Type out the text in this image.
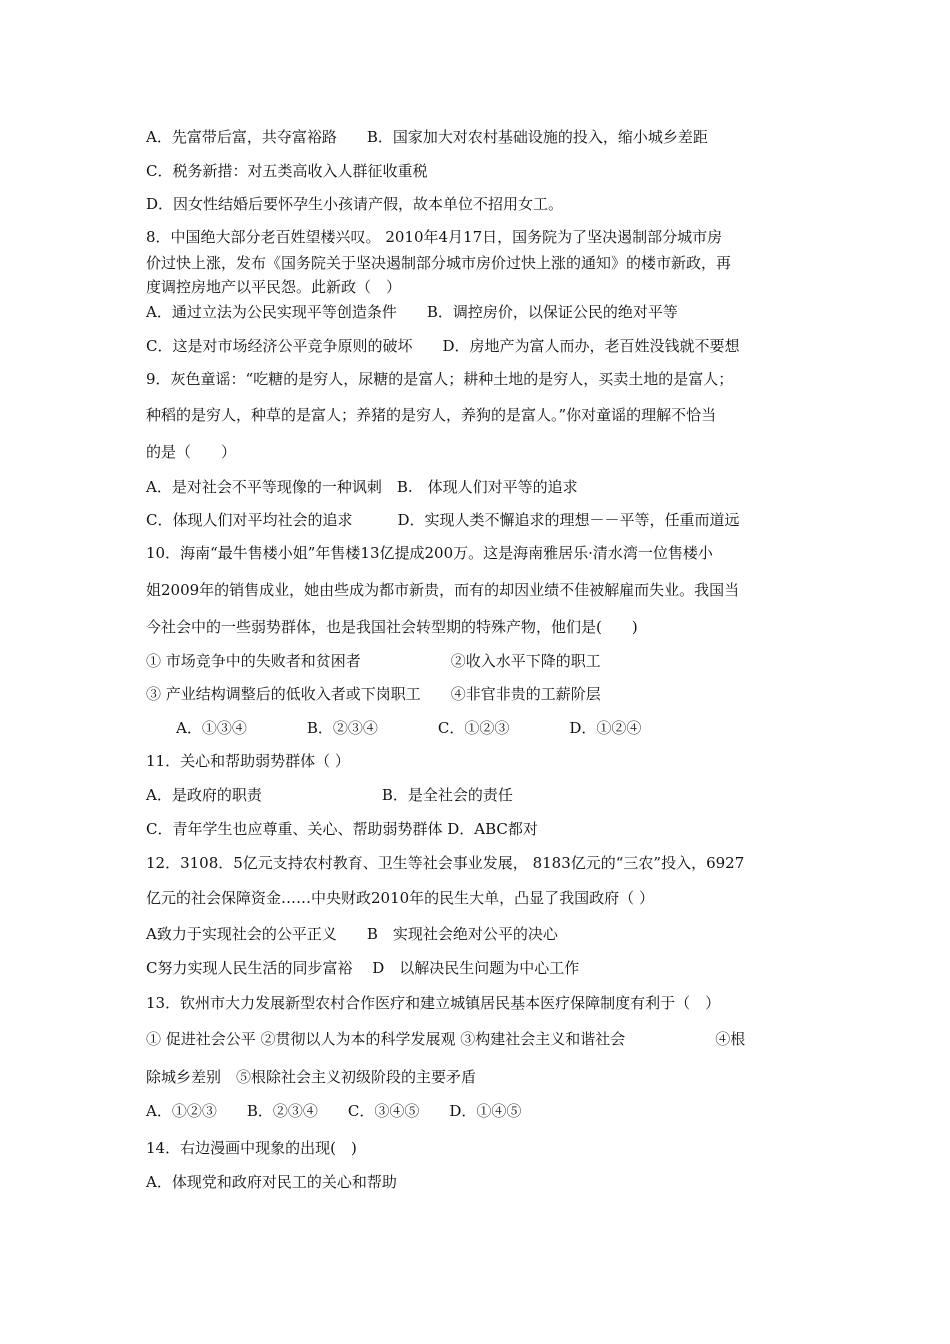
A．先富带后富，共夺富裕路　　B．国家加大对农村基础设施的投入，缩小城乡差距
C．税务新措：对五类高收入人群征收重税
D．因女性结婚后要怀孕生小孩请产假，故本单位不招用女工。
8．中国绝大部分老百姓望楼兴叹。 2010年4月17日，国务院为了坚决遏制部分城市房
价过快上涨，发布《国务院关于坚决遏制部分城市房价过快上涨的通知》的楼市新政，再
度调控房地产以平民怨。此新政（　）
A．通过立法为公民实现平等创造条件　　B．调控房价，以保证公民的绝对平等
C．这是对市场经济公平竞争原则的破坏　　D．房地产为富人而办，老百姓没钱就不要想
9．灰色童谣：“吃糖的是穷人，尿糖的是富人；耕种土地的是穷人，买卖土地的是富人；
种稻的是穷人，种草的是富人；养猪的是穷人，养狗的是富人。”你对童谣的理解不恰当
的是（　　）
A．是对社会不平等现像的一种讽刺　B.　体现人们对平等的追求
C．体现人们对平均社会的追求　　　D．实现人类不懈追求的理想－－平等，任重而道远
10．海南“最牛售楼小姐”年售楼13亿提成200万。这是海南雅居乐·清水湾一位售楼小
姐2009年的销售成业，她由些成为都市新贵，而有的却因业绩不佳被解雇而失业。我国当
今社会中的一些弱势群体，也是我国社会转型期的特殊产物，他们是(　　)
① 市场竞争中的失败者和贫困者　　　　　　②收入水平下降的职工
③ 产业结构调整后的低收入者或下岗职工　　④非官非贵的工薪阶层
　　A．①③④　　　　B．②③④　　　　C．①②③　　　　D．①②④
11．关心和帮助弱势群体（ ）
A．是政府的职责　　　　　　　　B．是全社会的责任
C．青年学生也应尊重、关心、帮助弱势群体 D．ABC都对
12．3108．5亿元支持农村教育、卫生等社会事业发展， 8183亿元的“三农”投入，6927
亿元的社会保障资金……中央财政2010年的民生大单，凸显了我国政府（ ）
A致力于实现社会的公平正义　　B　实现社会绝对公平的决心
C努力实现人民生活的同步富裕　 D　以解决民生问题为中心工作
13．钦州市大力发展新型农村合作医疗和建立城镇居民基本医疗保障制度有利于（　）
① 促进社会公平 ②贯彻以人为本的科学发展观 ③构建社会主义和谐社会　　　　　　④根
除城乡差别　⑤根除社会主义初级阶段的主要矛盾
A．①②③　　B．②③④　　C．③④⑤　　D．①④⑤
14．右边漫画中现象的出现(　)
A．体现党和政府对民工的关心和帮助
